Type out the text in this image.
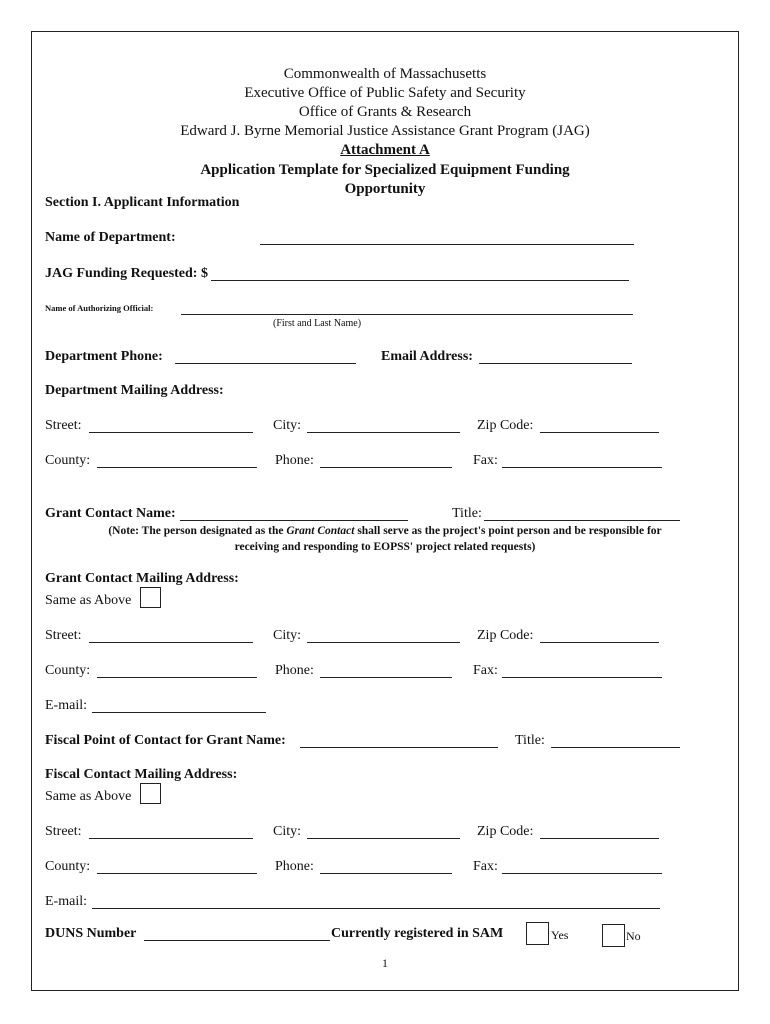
Commonwealth of Massachusetts
Executive Office of Public Safety and Security
Office of Grants & Research
Edward J. Byrne Memorial Justice Assistance Grant Program (JAG)
Attachment A
Application Template for Specialized Equipment Funding
Opportunity
Section I. Applicant Information
Name of Department:
JAG Funding Requested: $
Name of Authorizing Official:
(First and Last Name)
Department Phone:	Email Address:
Department Mailing Address:
Street:	City:	Zip Code:
County:	Phone:	Fax:
Grant Contact Name:	Title:
(Note: The person designated as the Grant Contact shall serve as the project's point person and be responsible for
receiving and responding to EOPSS' project related requests)
Grant Contact Mailing Address:
Same as Above
Street:	City:	Zip Code:
County:	Phone:	Fax:
E-mail:
Fiscal Point of Contact for Grant Name:	Title:
Fiscal Contact Mailing Address:
Same as Above
Street:	City:	Zip Code:
County:	Phone:	Fax:
E-mail:
DUNS Number	Currently registered in SAM	Yes	No
1
